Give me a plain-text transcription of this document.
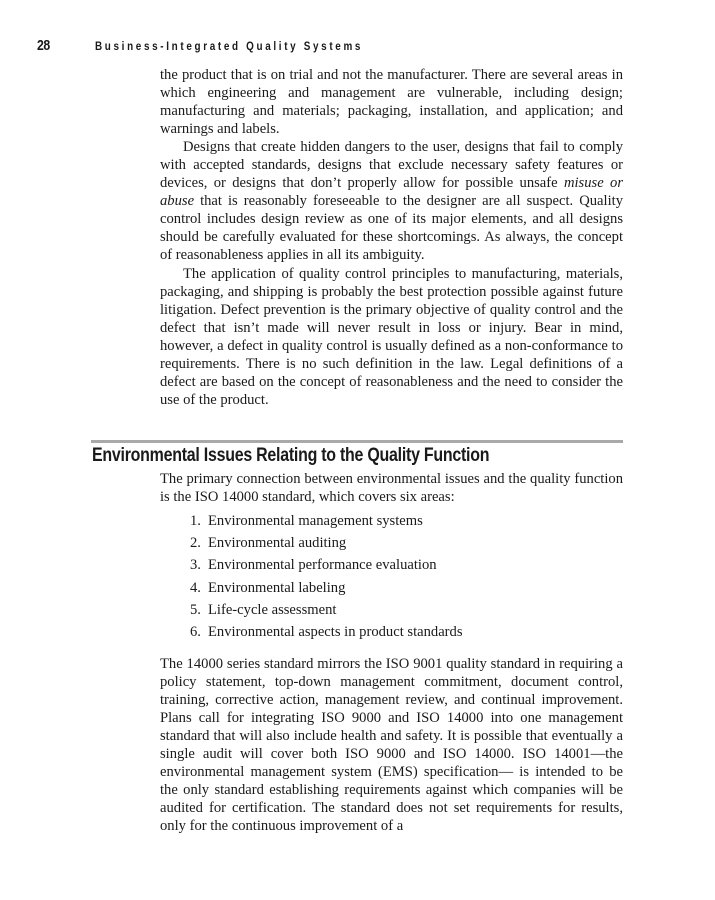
28	Business-Integrated Quality Systems

the product that is on trial and not the manufacturer. There are several areas in which engineering and management are vulnerable, including design; manufacturing and materials; packaging, installation, and application; and warnings and labels.

Designs that create hidden dangers to the user, designs that fail to comply with accepted standards, designs that exclude necessary safety features or devices, or designs that don’t properly allow for possible unsafe misuse or abuse that is reasonably foreseeable to the designer are all suspect. Quality control includes design review as one of its major elements, and all designs should be carefully evaluated for these shortcomings. As always, the concept of reasonableness applies in all its ambiguity.

The application of quality control principles to manufacturing, materials, packaging, and shipping is probably the best protection possible against future litigation. Defect prevention is the primary objective of quality control and the defect that isn’t made will never result in loss or injury. Bear in mind, however, a defect in quality control is usually defined as a non-conformance to requirements. There is no such definition in the law. Legal definitions of a defect are based on the concept of reasonableness and the need to consider the use of the product.

Environmental Issues Relating to the Quality Function

The primary connection between environmental issues and the quality function is the ISO 14000 standard, which covers six areas:

1. Environmental management systems
2. Environmental auditing
3. Environmental performance evaluation
4. Environmental labeling
5. Life-cycle assessment
6. Environmental aspects in product standards

The 14000 series standard mirrors the ISO 9001 quality standard in requiring a policy statement, top-down management commitment, document control, training, corrective action, management review, and continual improvement. Plans call for integrating ISO 9000 and ISO 14000 into one management standard that will also include health and safety. It is possible that eventually a single audit will cover both ISO 9000 and ISO 14000. ISO 14001—the environmental management system (EMS) specification— is intended to be the only standard establishing requirements against which companies will be audited for certification. The standard does not set requirements for results, only for the continuous improvement of a
